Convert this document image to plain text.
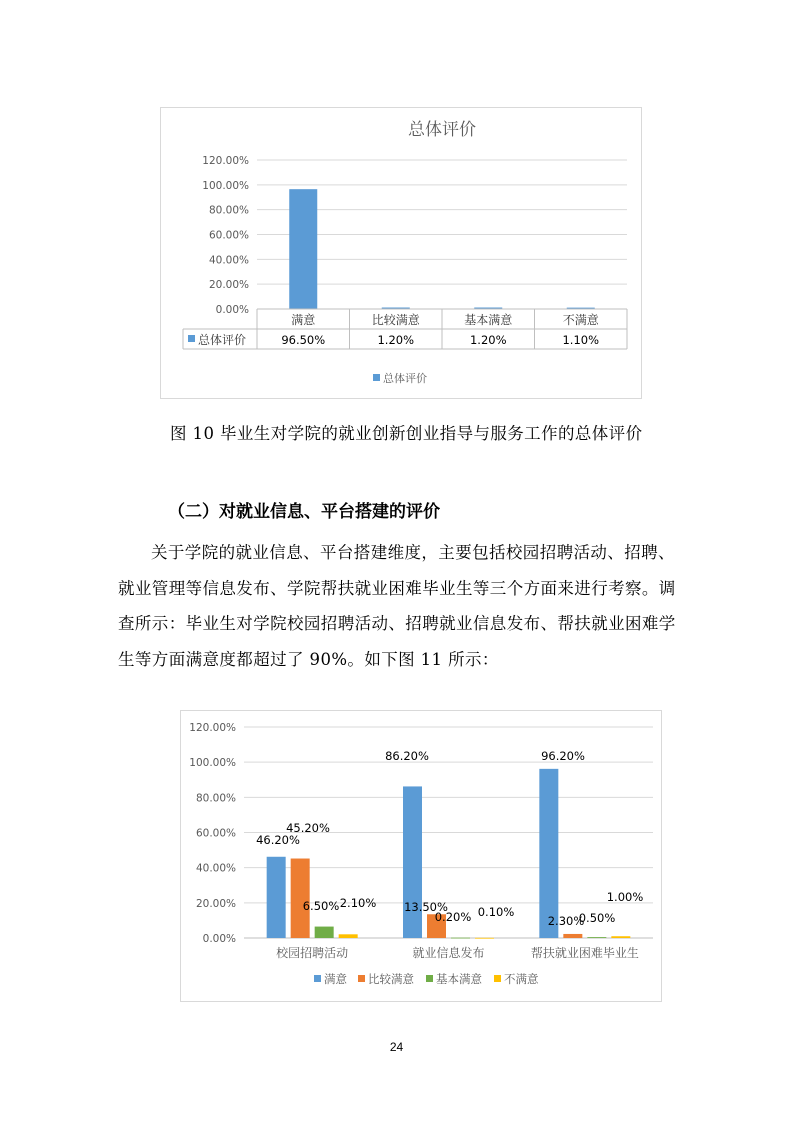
总体评价
120.00%
100.00%
80.00%
60.00%
40.00%
20.00%
0.00%
满意
96.50%
比较满意
1.20%
基本满意
1.20%
不满意
1.10%
总体评价
总体评价
图 10 毕业生对学院的就业创新创业指导与服务工作的总体评价
（二）对就业信息、平台搭建的评价
关于学院的就业信息、平台搭建维度，主要包括校园招聘活动、招聘、就业管理等信息发布、学院帮扶就业困难毕业生等三个方面来进行考察。调查所示：毕业生对学院校园招聘活动、招聘就业信息发布、帮扶就业困难学生等方面满意度都超过了 90%。如下图 11 所示：
120.00%
100.00%
80.00%
60.00%
40.00%
20.00%
0.00%
校园招聘活动	就业信息发布	帮扶就业困难毕业生
46.20%
45.20%
6.50% 2.10%
86.20%
13.50%
0.20% 0.10%
96.20%
2.30%
0.50%
1.00%
满意 比较满意 基本满意 不满意
24
